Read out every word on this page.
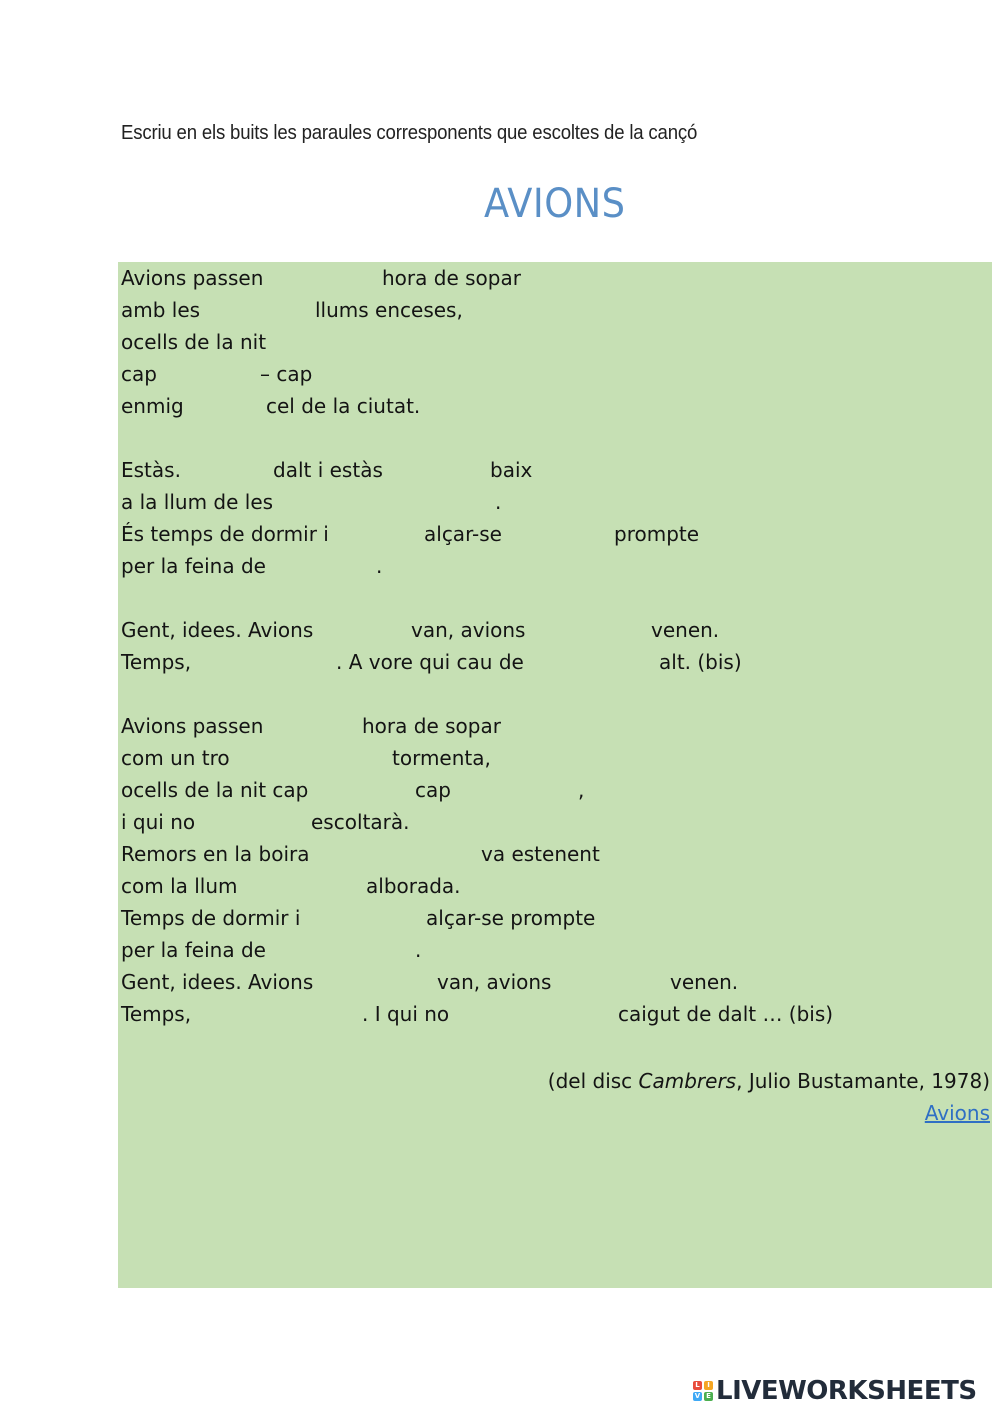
Escriu en els buits les paraules corresponents que escoltes de la cançó
AVIONS
Avions passen	hora de sopar
amb les	llums enceses,
ocells de la nit
cap	– cap
enmig	cel de la ciutat.
Estàs.	dalt i estàs	baix
a la llum de les	.
És temps de dormir i	alçar-se	prompte
per la feina de	.
Gent, idees. Avions	van, avions	venen.
Temps,	. A vore qui cau de	alt. (bis)
Avions passen	hora de sopar
com un tro	tormenta,
ocells de la nit cap	cap	,
i qui no	escoltarà.
Remors en la boira	va estenent
com la llum	alborada.
Temps de dormir i	alçar-se prompte
per la feina de	.
Gent, idees. Avions	van, avions	venen.
Temps,	. I qui no	caigut de dalt … (bis)
(del disc Cambrers, Julio Bustamante, 1978)
Avions
L	I
V E LIVEWORKSHEETS
